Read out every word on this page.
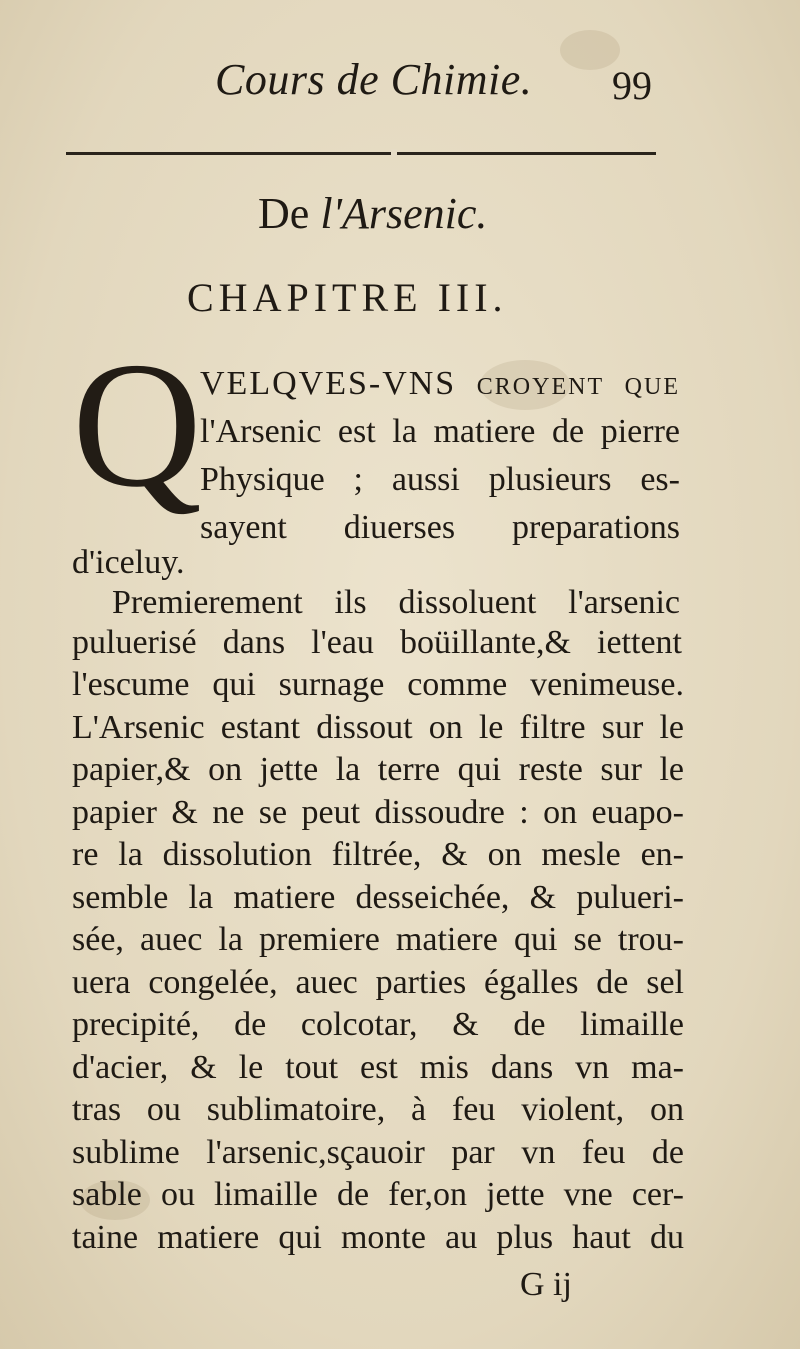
Cours de Chimie. 99
De l'Arsenic.
CHAPITRE III.
Q
VELQVES-VNS croyent que
l'Arsenic est la matiere de pierre
Physique ; aussi plusieurs es-
sayent diuerses preparations
d'iceluy.
Premierement ils dissoluent l'arsenic
puluerisé dans l'eau boüillante,& iettent
l'escume qui surnage comme venimeuse.
L'Arsenic estant dissout on le filtre sur le
papier,& on jette la terre qui reste sur le
papier & ne se peut dissoudre : on euapo-
re la dissolution filtrée, & on mesle en-
semble la matiere desseichée, & pulueri-
sée, auec la premiere matiere qui se trou-
uera congelée, auec parties égalles de sel
precipité, de colcotar, & de limaille
d'acier, & le tout est mis dans vn ma-
tras ou sublimatoire, à feu violent, on
sublime l'arsenic,sçauoir par vn feu de
sable ou limaille de fer,on jette vne cer-
taine matiere qui monte au plus haut du
G ij
